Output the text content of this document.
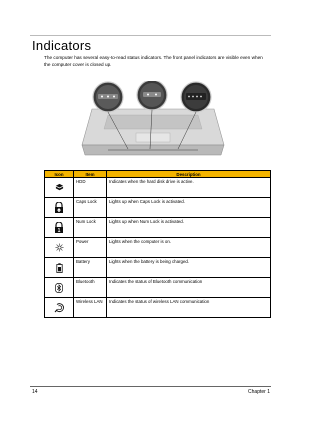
Indicators
The computer has several easy-to-read status indicators. The front panel indicators are visible even when the computer cover is closed up.
Icon	Item	Description

	HDD	Indicates when the hard disk drive is active.

	Caps Lock	Lights up when Caps Lock is activated.

1	Num Lock	Lights up when Num Lock is activated.

	Power	Lights when the computer is on.

	Battery	Lights when the battery is being charged.

	Bluetooth	Indicates the status of Bluetooth communication

	Wireless LAN	Indicates the status of wireless LAN communication
14	Chapter 1
